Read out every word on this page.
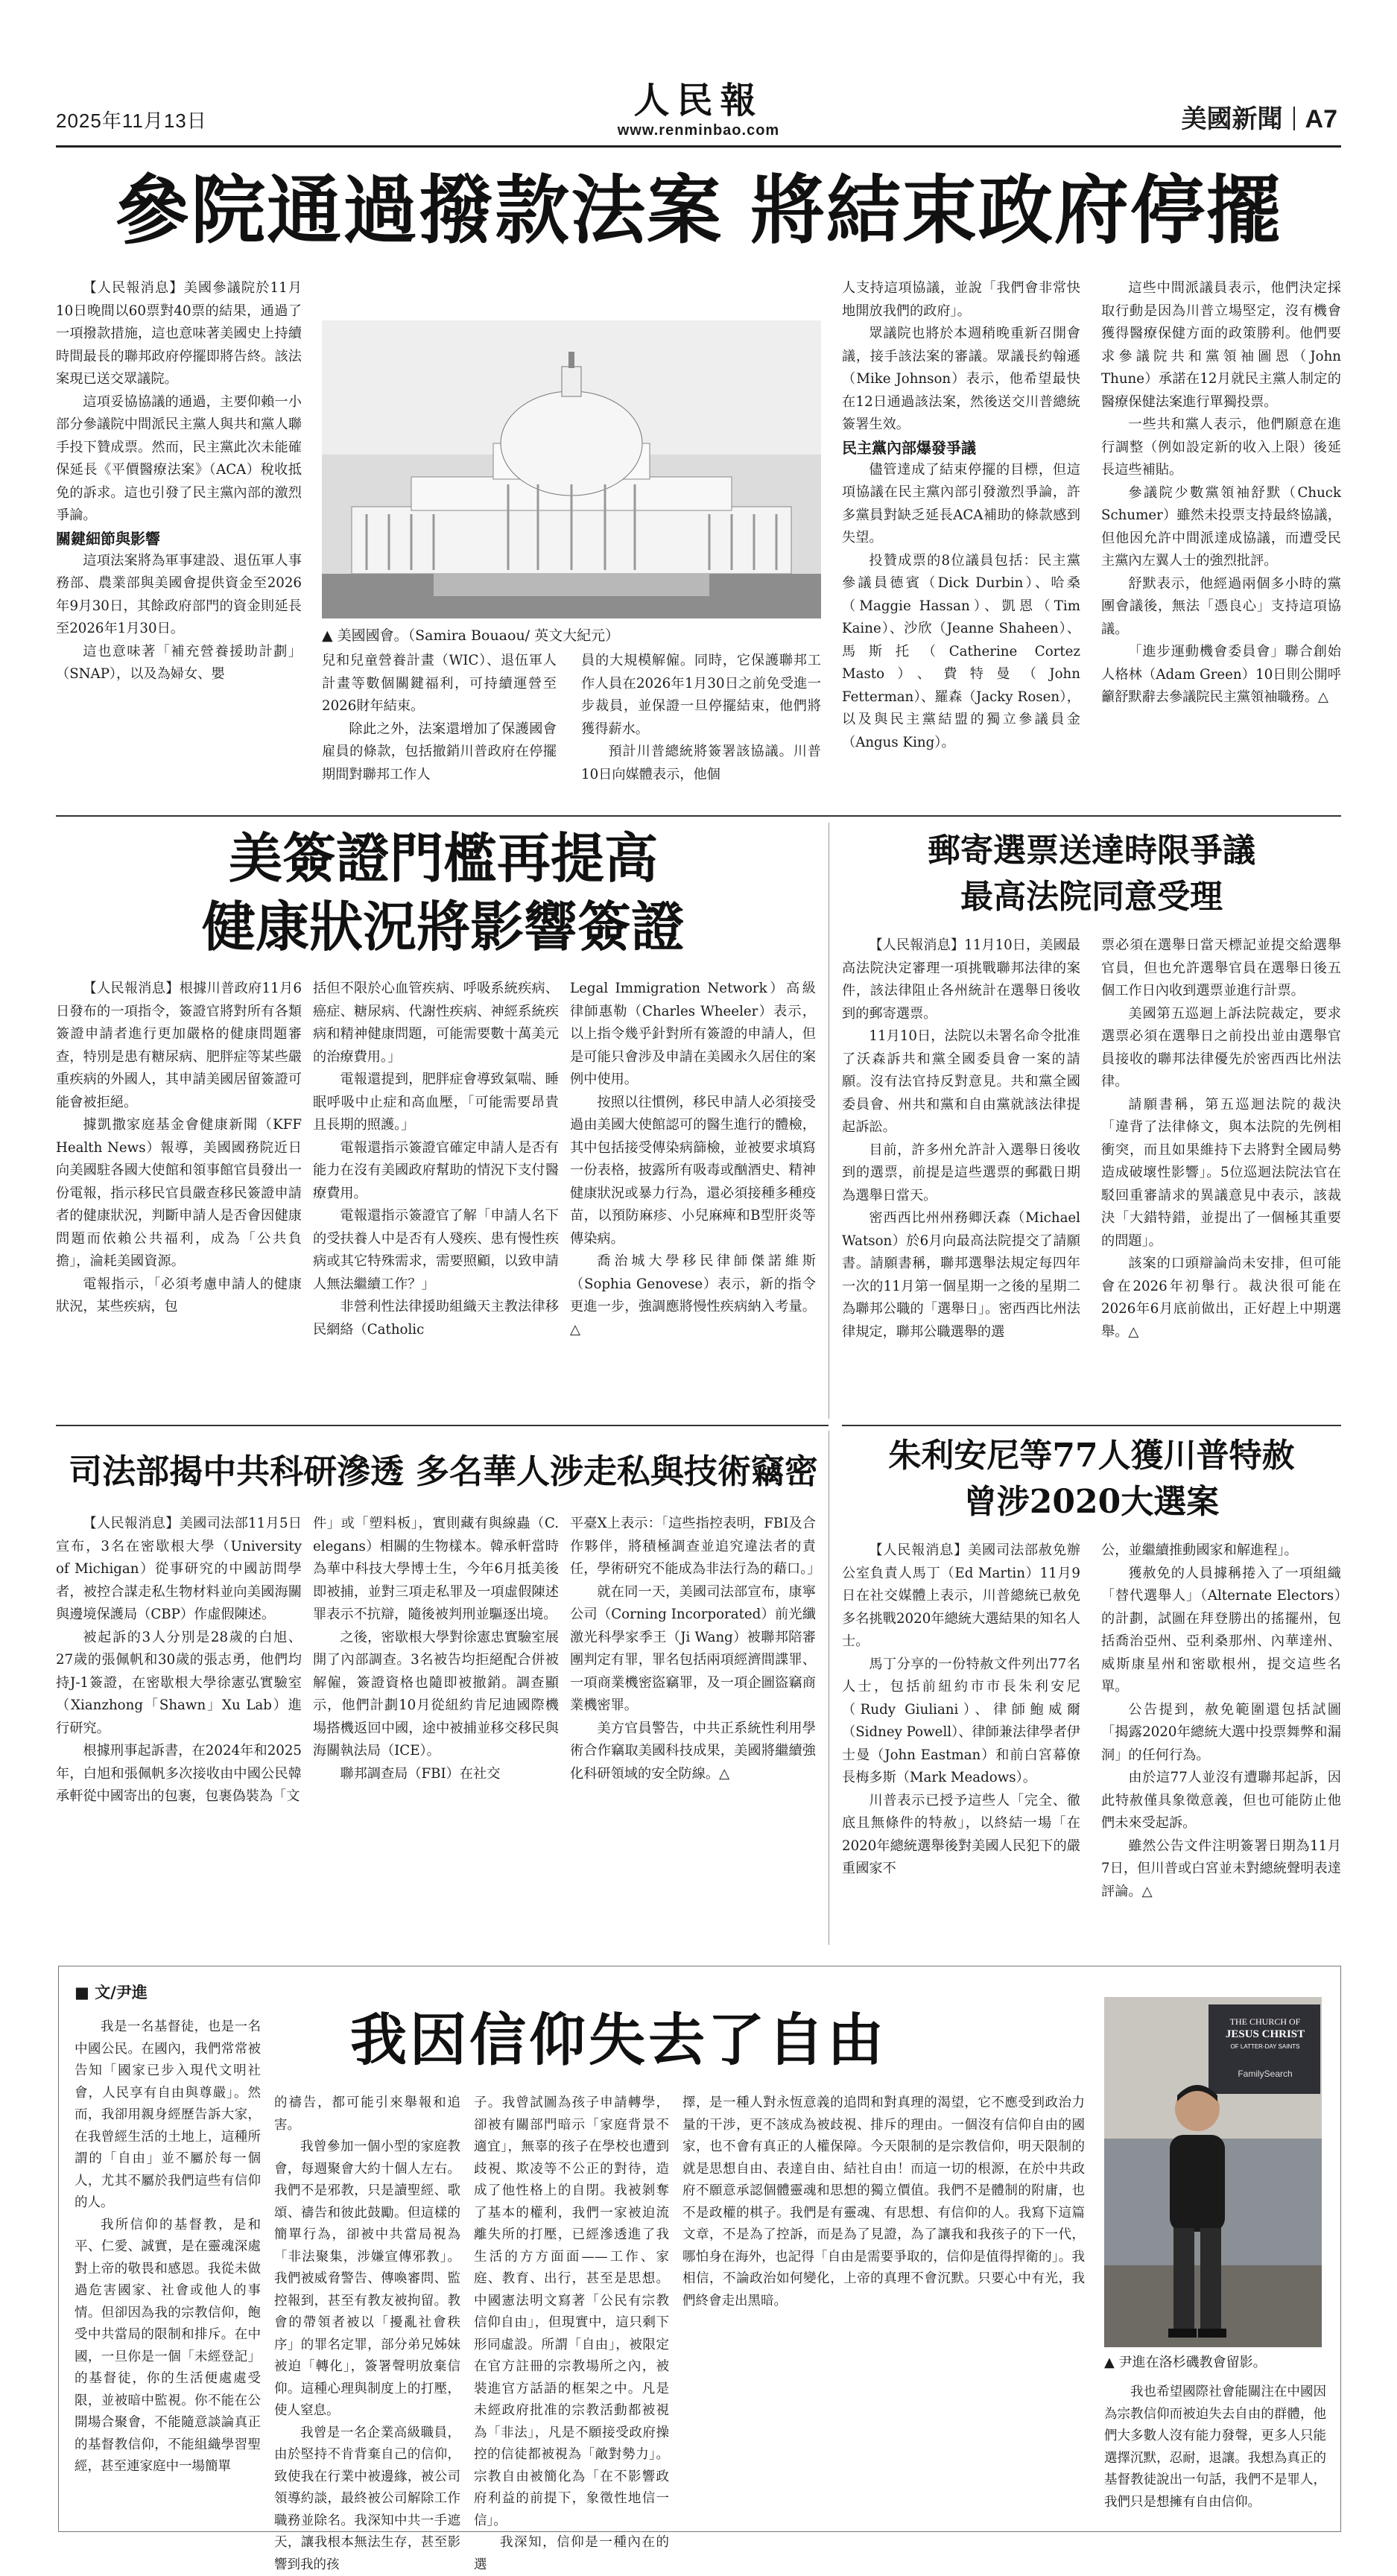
2025年11月13日	人民報
www.renminbao.com	美國新聞 A7
參院通過撥款法案 將結束政府停擺

【人民報消息】美國參議院於11月10日晚間以60票對40票的結果，通過了一項撥款措施，這也意味著美國史上持續時間最長的聯邦政府停擺即將告終。該法案現已送交眾議院。

這項妥協協議的通過，主要仰賴一小部分參議院中間派民主黨人與共和黨人聯手投下贊成票。然而，民主黨此次未能確保延長《平價醫療法案》（ACA）稅收抵免的訴求。這也引發了民主黨內部的激烈爭論。

關鍵細節與影響

這項法案將為軍事建設、退伍軍人事務部、農業部與美國會提供資金至2026年9月30日，其餘政府部門的資金則延長至2026年1月30日。

這也意味著「補充營養援助計劃」（SNAP），以及為婦女、嬰

▲ 美國國會。（Samira Bouaou/ 英文大紀元）

兒和兒童營養計畫（WIC）、退伍軍人計畫等數個關鍵福利，可持續運營至2026財年結束。

除此之外，法案還增加了保護國會雇員的條款，包括撤銷川普政府在停擺期間對聯邦工作人

員的大規模解僱。同時，它保護聯邦工作人員在2026年1月30日之前免受進一步裁員，並保證一旦停擺結束，他們將獲得薪水。

預計川普總統將簽署該協議。川普10日向媒體表示，他個

人支持這項協議，並說「我們會非常快地開放我們的政府」。

眾議院也將於本週稍晚重新召開會議，接手該法案的審議。眾議長約翰遜（Mike Johnson）表示，他希望最快在12日通過該法案，然後送交川普總統簽署生效。

民主黨內部爆發爭議

儘管達成了結束停擺的目標，但這項協議在民主黨內部引發激烈爭論，許多黨員對缺乏延長ACA補助的條款感到失望。

投贊成票的8位議員包括：民主黨參議員德賓（Dick Durbin）、哈桑（Maggie Hassan）、凱恩（Tim Kaine）、沙欣（Jeanne Shaheen）、馬斯托（Catherine Cortez Masto）、費特曼（John Fetterman）、羅森（Jacky Rosen），以及與民主黨結盟的獨立參議員金（Angus King）。

這些中間派議員表示，他們決定採取行動是因為川普立場堅定，沒有機會獲得醫療保健方面的政策勝利。他們要求參議院共和黨領袖圖恩（John Thune）承諾在12月就民主黨人制定的醫療保健法案進行單獨投票。

一些共和黨人表示，他們願意在進行調整（例如設定新的收入上限）後延長這些補貼。

參議院少數黨領袖舒默（Chuck Schumer）雖然未投票支持最終協議，但他因允許中間派達成協議，而遭受民主黨內左翼人士的強烈批評。

舒默表示，他經過兩個多小時的黨團會議後，無法「憑良心」支持這項協議。

「進步運動機會委員會」聯合創始人格林（Adam Green）10日則公開呼籲舒默辭去參議院民主黨領袖職務。△

美簽證門檻再提高
健康狀況將影響簽證

【人民報消息】根據川普政府11月6日發布的一項指令，簽證官將對所有各類簽證申請者進行更加嚴格的健康問題審查，特別是患有糖尿病、肥胖症等某些嚴重疾病的外國人，其申請美國居留簽證可能會被拒絕。

據凱撒家庭基金會健康新聞（KFF Health News）報導，美國國務院近日向美國駐各國大使館和領事館官員發出一份電報，指示移民官員嚴查移民簽證申請者的健康狀況，判斷申請人是否會因健康問題而依賴公共福利，成為「公共負擔」，淪耗美國資源。

電報指示，「必須考慮申請人的健康狀況，某些疾病，包

括但不限於心血管疾病、呼吸系統疾病、癌症、糖尿病、代謝性疾病、神經系統疾病和精神健康問題，可能需要數十萬美元的治療費用。」

電報還提到，肥胖症會導致氣喘、睡眠呼吸中止症和高血壓，「可能需要昂貴且長期的照護。」

電報還指示簽證官確定申請人是否有能力在沒有美國政府幫助的情況下支付醫療費用。

電報還指示簽證官了解「申請人名下的受扶養人中是否有人殘疾、患有慢性疾病或其它特殊需求，需要照顧，以致申請人無法繼續工作？」

非營利性法律援助組織天主教法律移民網絡（Catholic

Legal Immigration Network）高級律師惠勒（Charles Wheeler）表示，以上指令幾乎針對所有簽證的申請人，但是可能只會涉及申請在美國永久居住的案例中使用。

按照以往慣例，移民申請人必須接受過由美國大使館認可的醫生進行的體檢，其中包括接受傳染病篩檢，並被要求填寫一份表格，披露所有吸毒或酗酒史、精神健康狀況或暴力行為，還必須接種多種疫苗，以預防麻疹、小兒麻痺和B型肝炎等傳染病。

喬治城大學移民律師傑諾維斯（Sophia Genovese）表示，新的指令更進一步，強調應將慢性疾病納入考量。△

郵寄選票送達時限爭議
最高法院同意受理

【人民報消息】11月10日，美國最高法院決定審理一項挑戰聯邦法律的案件，該法律阻止各州統計在選舉日後收到的郵寄選票。

11月10日，法院以未署名命令批准了沃森訴共和黨全國委員會一案的請願。沒有法官持反對意見。共和黨全國委員會、州共和黨和自由黨就該法律提起訴訟。

目前，許多州允許計入選舉日後收到的選票，前提是這些選票的郵戳日期為選舉日當天。

密西西比州州務卿沃森（Michael Watson）於6月向最高法院提交了請願書。請願書稱，聯邦選舉法規定每四年一次的11月第一個星期一之後的星期二為聯邦公職的「選舉日」。密西西比州法律規定，聯邦公職選舉的選

票必須在選舉日當天標記並提交給選舉官員，但也允許選舉官員在選舉日後五個工作日內收到選票並進行計票。

美國第五巡迴上訴法院裁定，要求選票必須在選舉日之前投出並由選舉官員接收的聯邦法律優先於密西西比州法律。

請願書稱，第五巡迴法院的裁決「違背了法律條文，與本法院的先例相衝突，而且如果維持下去將對全國局勢造成破壞性影響」。5位巡迴法院法官在駁回重審請求的異議意見中表示，該裁決「大錯特錯，並提出了一個極其重要的問題」。

該案的口頭辯論尚未安排，但可能會在2026年初舉行。裁決很可能在2026年6月底前做出，正好趕上中期選舉。△

司法部揭中共科研滲透 多名華人涉走私與技術竊密

【人民報消息】美國司法部11月5日宣布，3名在密歇根大學（University of Michigan）從事研究的中國訪問學者，被控合謀走私生物材料並向美國海關與邊境保護局（CBP）作虛假陳述。

被起訴的3人分別是28歲的白旭、27歲的張佩帆和30歲的張志勇，他們均持J-1簽證，在密歇根大學徐憲弘實驗室（Xianzhong「Shawn」Xu Lab）進行研究。

根據刑事起訴書，在2024年和2025年，白旭和張佩帆多次接收由中國公民韓承軒從中國寄出的包裹，包裹偽裝為「文

件」或「塑料板」，實則藏有與線蟲（C. elegans）相關的生物樣本。韓承軒當時為華中科技大學博士生，今年6月抵美後即被捕，並對三項走私罪及一項虛假陳述罪表示不抗辯，隨後被判刑並驅逐出境。

之後，密歇根大學對徐憲忠實驗室展開了內部調查。3名被告均拒絕配合併被解僱，簽證資格也隨即被撤銷。調查顯示，他們計劃10月從紐約肯尼迪國際機場搭機返回中國，途中被捕並移交移民與海關執法局（ICE）。

聯邦調查局（FBI）在社交

平臺X上表示：「這些指控表明，FBI及合作夥伴，將積極調查並追究違法者的責任，學術研究不能成為非法行為的藉口。」

就在同一天，美國司法部宣布，康寧公司（Corning Incorporated）前光纖激光科學家季王（Ji Wang）被聯邦陪審團判定有罪，罪名包括兩項經濟間諜罪、一項商業機密盜竊罪，及一項企圖盜竊商業機密罪。

美方官員警告，中共正系統性利用學術合作竊取美國科技成果，美國將繼續強化科研領域的安全防線。△

朱利安尼等77人獲川普特赦
曾涉2020大選案

【人民報消息】美國司法部赦免辦公室負責人馬丁（Ed Martin）11月9日在社交媒體上表示，川普總統已赦免多名挑戰2020年總統大選結果的知名人士。

馬丁分享的一份特赦文件列出77名人士，包括前紐約市市長朱利安尼（Rudy Giuliani）、律師鮑威爾（Sidney Powell）、律師兼法律學者伊士曼（John Eastman）和前白宮幕僚長梅多斯（Mark Meadows）。

川普表示已授予這些人「完全、徹底且無條件的特赦」，以終結一場「在2020年總統選舉後對美國人民犯下的嚴重國家不

公，並繼續推動國家和解進程」。

獲赦免的人員據稱捲入了一項組織「替代選舉人」（Alternate Electors）的計劃，試圖在拜登勝出的搖擺州，包括喬治亞州、亞利桑那州、內華達州、威斯康星州和密歇根州，提交這些名單。

公告提到，赦免範圍還包括試圖「揭露2020年總統大選中投票舞弊和漏洞」的任何行為。

由於這77人並沒有遭聯邦起訴，因此特赦僅具象徵意義，但也可能防止他們未來受起訴。

雖然公告文件注明簽署日期為11月7日，但川普或白宮並未對總統聲明表達評論。△

■ 文/尹進
我因信仰失去了自由

我是一名基督徒，也是一名中國公民。在國內，我們常常被告知「國家已步入現代文明社會，人民享有自由與尊嚴」。然而，我卻用親身經歷告訴大家，在我曾經生活的土地上，這種所謂的「自由」並不屬於每一個人，尤其不屬於我們這些有信仰的人。

我所信仰的基督教，是和平、仁愛、誠實，是在靈魂深處對上帝的敬畏和感恩。我從未做過危害國家、社會或他人的事情。但卻因為我的宗教信仰，飽受中共當局的限制和排斥。在中國，一旦你是一個「未經登記」的基督徒，你的生活便處處受限，並被暗中監視。你不能在公開場合聚會，不能隨意談論真正的基督教信仰，不能組織學習聖經，甚至連家庭中一場簡單

的禱告，都可能引來舉報和追害。

我曾參加一個小型的家庭教會，每週聚會大約十個人左右。我們不是邪教，只是讀聖經、歌頌、禱告和彼此鼓勵。但這樣的簡單行為，卻被中共當局視為「非法聚集，涉嫌宣傳邪教」。我們被威脅警告、傳喚審問、監控報到，甚至有教友被拘留。教會的帶領者被以「擾亂社會秩序」的罪名定罪，部分弟兄姊妹被迫「轉化」，簽署聲明放棄信仰。這種心理與制度上的打壓，使人窒息。

我曾是一名企業高級職員，由於堅持不肯背棄自己的信仰，致使我在行業中被邊緣，被公司領導約談，最終被公司解除工作職務並除名。我深知中共一手遮天，讓我根本無法生存，甚至影響到我的孩

子。我曾試圖為孩子申請轉學，卻被有關部門暗示「家庭背景不適宜」，無辜的孩子在學校也遭到歧視、欺凌等不公正的對待，造成了他性格上的自閉。我被剝奪了基本的權利，我們一家被迫流離失所的打壓，已經滲透進了我生活的方方面面——工作、家庭、教育、出行，甚至是思想。中國憲法明文寫著「公民有宗教信仰自由」，但現實中，這只剩下形同虛設。所謂「自由」，被限定在官方註冊的宗教場所之內，被裝進官方話語的框架之中。凡是未經政府批准的宗教活動都被視為「非法」，凡是不願接受政府操控的信徒都被視為「敵對勢力」。宗教自由被簡化為「在不影響政府利益的前提下，象徵性地信一信」。

我深知，信仰是一種內在的選

擇，是一種人對永恆意義的追問和對真理的渴望，它不應受到政治力量的干涉，更不該成為被歧視、排斥的理由。一個沒有信仰自由的國家，也不會有真正的人權保障。今天限制的是宗教信仰，明天限制的就是思想自由、表達自由、結社自由！而這一切的根源，在於中共政府不願意承認個體靈魂和思想的獨立價值。我們不是體制的附庸，也不是政權的棋子。我們是有靈魂、有思想、有信仰的人。我寫下這篇文章，不是為了控訴，而是為了見證，為了讓我和我孩子的下一代，哪怕身在海外，也記得「自由是需要爭取的，信仰是值得捍衛的」。我相信，不論政治如何變化，上帝的真理不會沉默。只要心中有光，我們終會走出黑暗。

THE CHURCH OF
JESUS CHRIST
OF LATTER-DAY SAINTS
FamilySearch
▲ 尹進在洛杉磯教會留影。

我也希望國際社會能關注在中國因為宗教信仰而被迫失去自由的群體，他們大多數人沒有能力發聲，更多人只能選擇沉默，忍耐，退讓。我想為真正的基督教徒說出一句話，我們不是罪人，我們只是想擁有自由信仰。
